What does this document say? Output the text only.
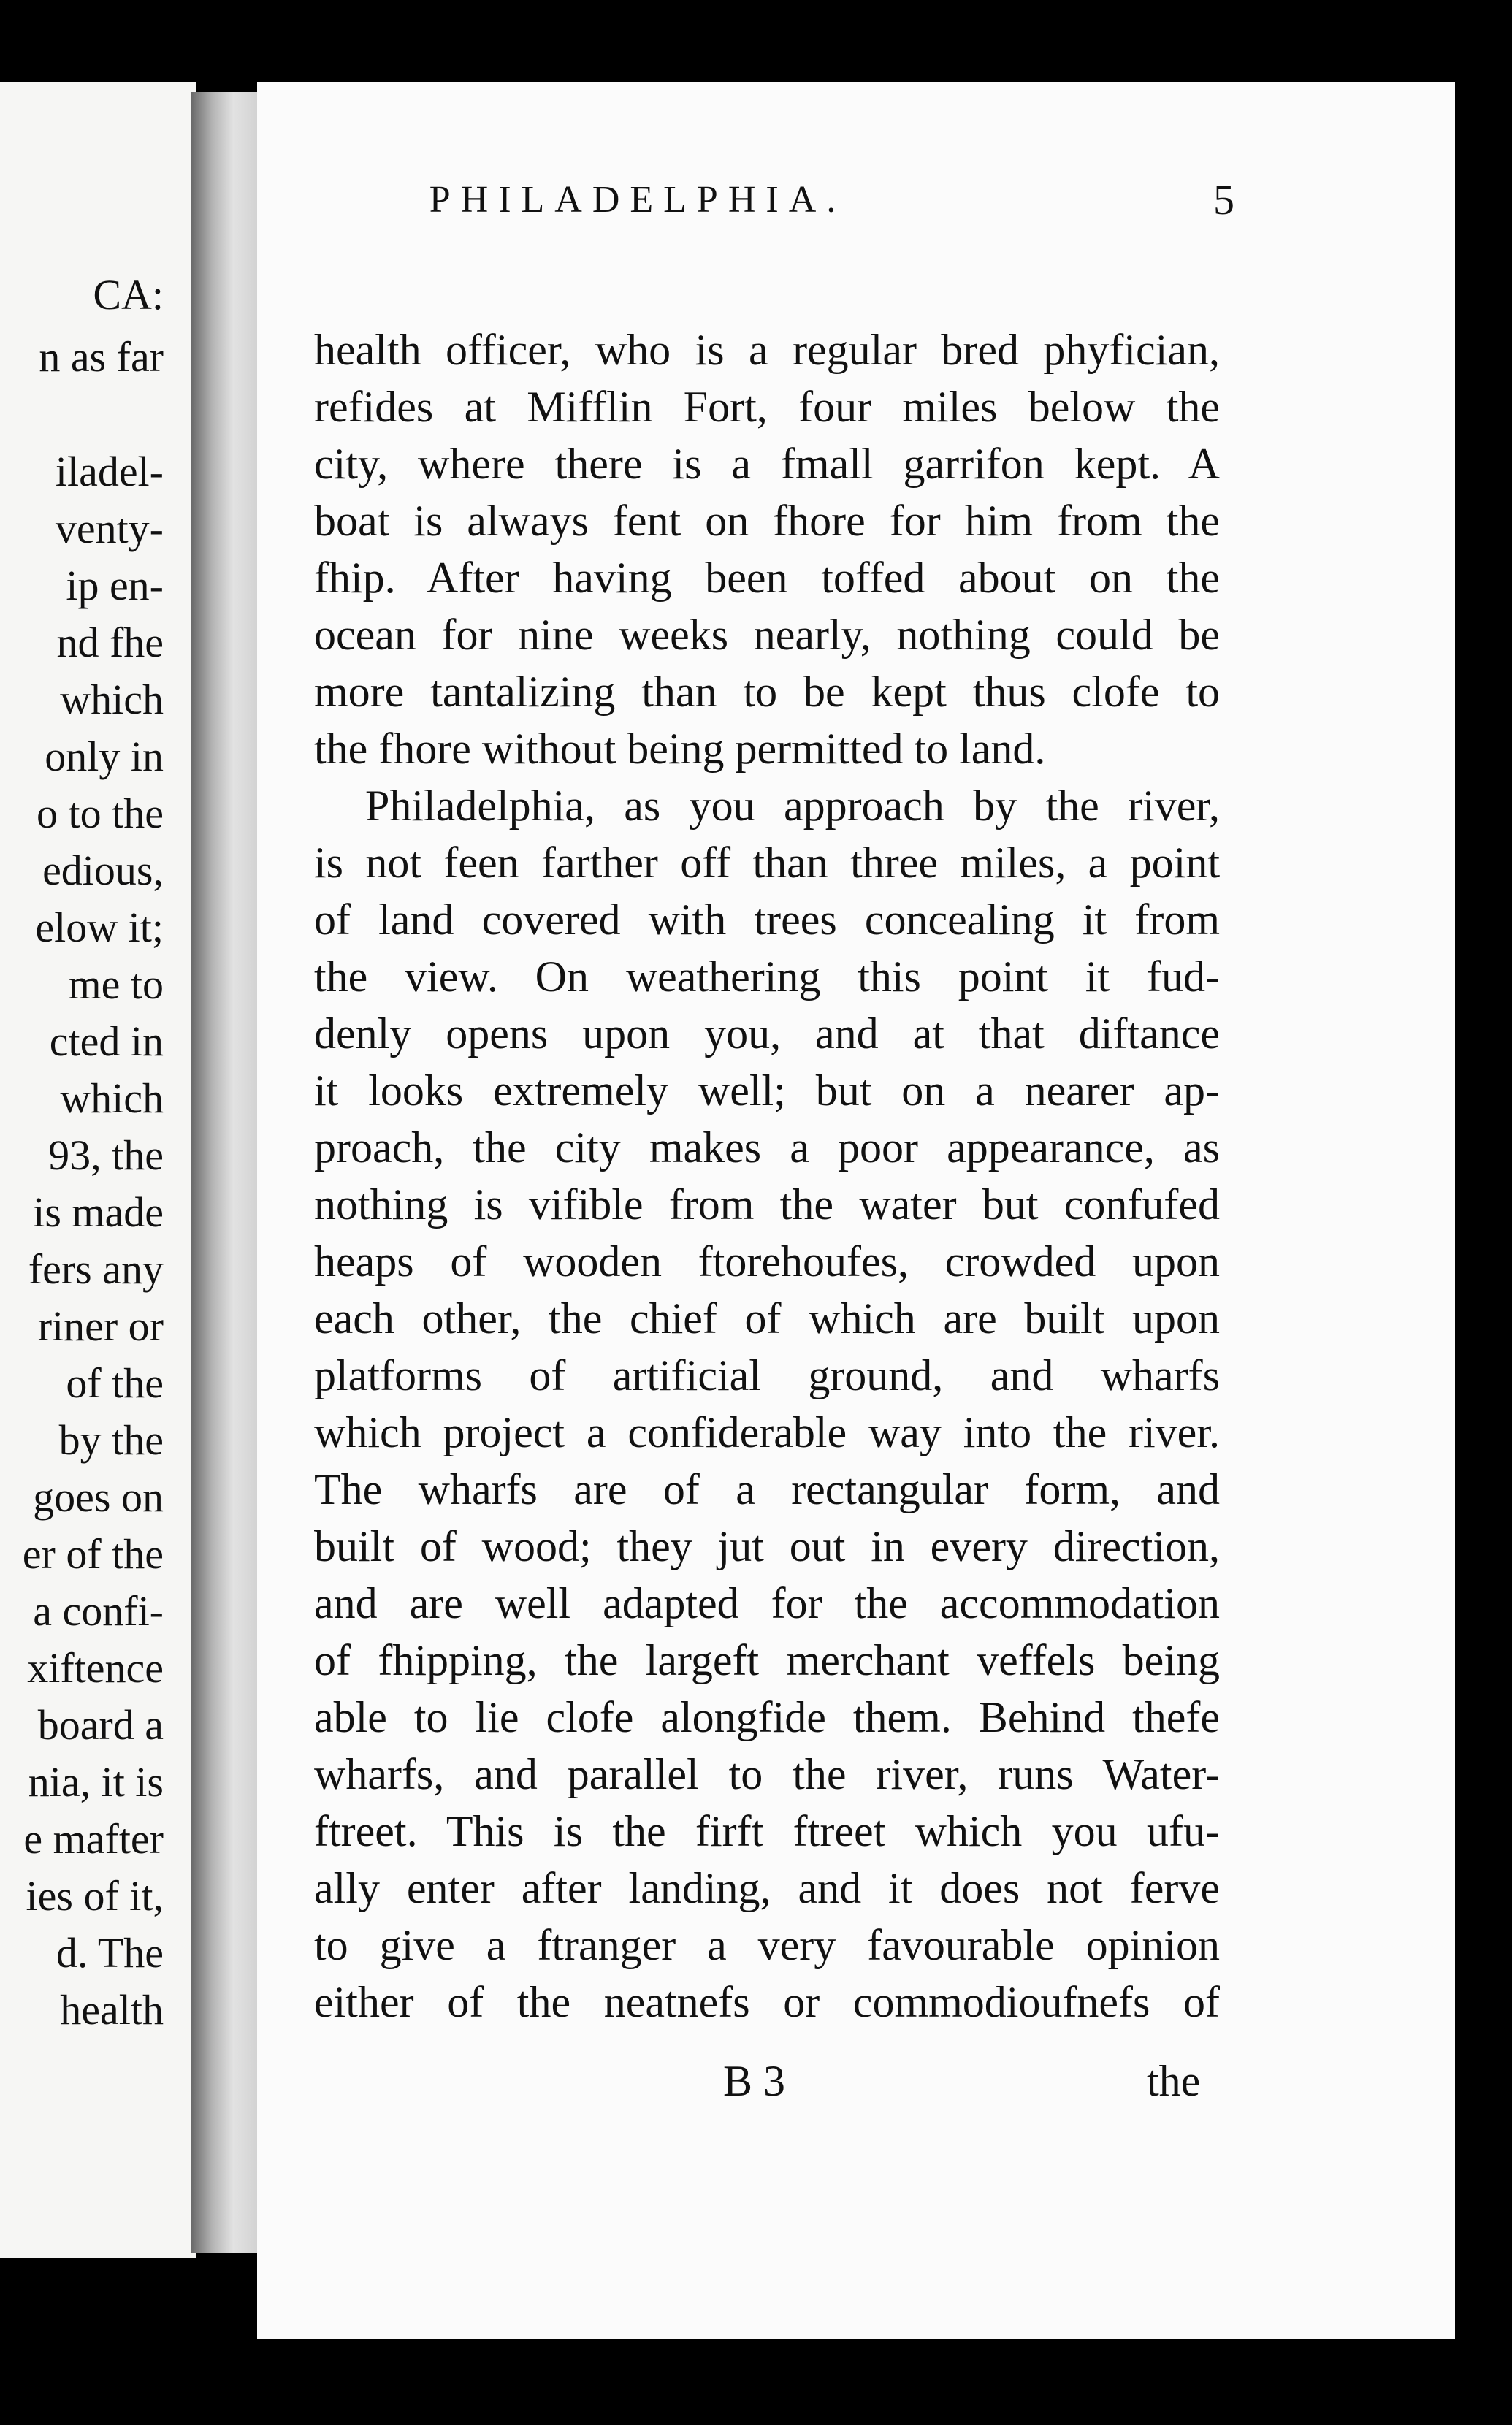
CA:
n as far
iladel-
venty-
ip en-
nd fhe
which
only in
o to the
edious,
elow it;
me to
cted in
which
93, the
is made
fers any
riner or
of the
by the
goes on
er of the
a confi-
xiftence
board a
nia, it is
e mafter
ies of it,
d. The
health
PHILADELPHIA.	5
health officer, who is a regular bred phyfician,
refides at Mifflin Fort, four miles below the
city, where there is a fmall garrifon kept. A
boat is always fent on fhore for him from the
fhip. After having been toffed about on the
ocean for nine weeks nearly, nothing could be
more tantalizing than to be kept thus clofe to
the fhore without being permitted to land.
Philadelphia, as you approach by the river,
is not feen farther off than three miles, a point
of land covered with trees concealing it from
the view. On weathering this point it fud-
denly opens upon you, and at that diftance
it looks extremely well; but on a nearer ap-
proach, the city makes a poor appearance, as
nothing is vifible from the water but confufed
heaps of wooden ftorehoufes, crowded upon
each other, the chief of which are built upon
platforms of artificial ground, and wharfs
which project a confiderable way into the river.
The wharfs are of a rectangular form, and
built of wood; they jut out in every direction,
and are well adapted for the accommodation
of fhipping, the largeft merchant veffels being
able to lie clofe alongfide them. Behind thefe
wharfs, and parallel to the river, runs Water-
ftreet. This is the firft ftreet which you ufu-
ally enter after landing, and it does not ferve
to give a ftranger a very favourable opinion
either of the neatnefs or commodioufnefs of
B 3	the
